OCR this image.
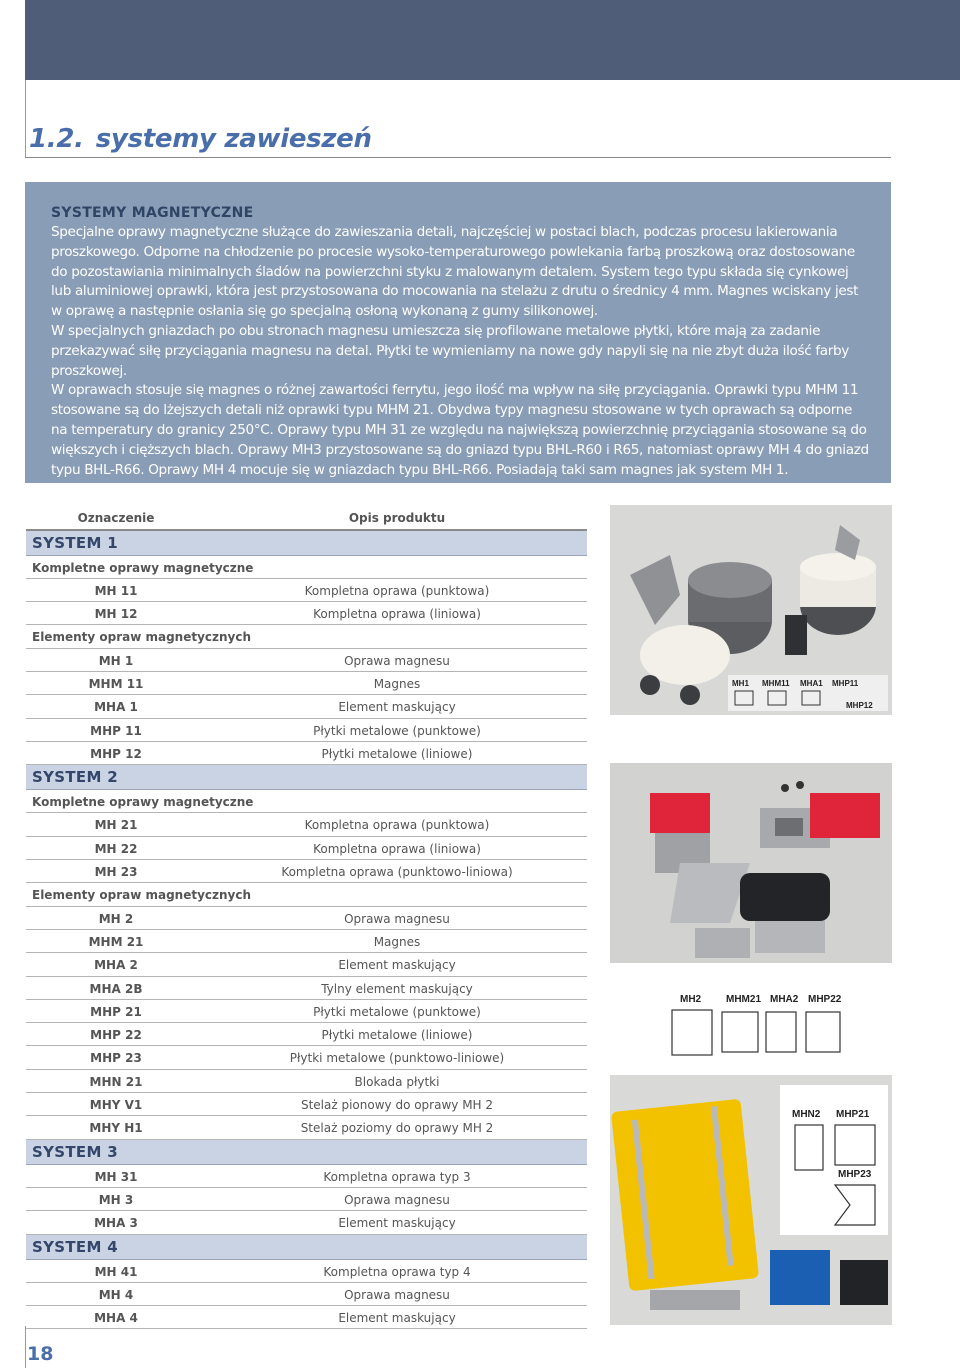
1.2. systemy zawieszeń
SYSTEMY MAGNETYCZNE

Specjalne oprawy magnetyczne służące do zawieszania detali, najczęściej w postaci blach, podczas procesu lakierowania proszkowego. Odporne na chłodzenie po procesie wysoko-temperaturowego powlekania farbą proszkową oraz dostosowane do pozostawiania minimalnych śladów na powierzchni styku z malowanym detalem. System tego typu składa się cynkowej lub aluminiowej oprawki, która jest przystosowana do mocowania na stelażu z drutu o średnicy 4 mm. Magnes wciskany jest w oprawę a następnie osłania się go specjalną osłoną wykonaną z gumy silikonowej.

W specjalnych gniazdach po obu stronach magnesu umieszcza się profilowane metalowe płytki, które mają za zadanie przekazywać siłę przyciągania magnesu na detal. Płytki te wymieniamy na nowe gdy napyli się na nie zbyt duża ilość farby proszkowej.

W oprawach stosuje się magnes o różnej zawartości ferrytu, jego ilość ma wpływ na siłę przyciągania. Oprawki typu MHM 11 stosowane są do lżejszych detali niż oprawki typu MHM 21. Obydwa typy magnesu stosowane w tych oprawach są odporne na temperatury do granicy 250°C. Oprawy typu MH 31 ze względu na największą powierzchnię przyciągania stosowane są do większych i cięższych blach. Oprawy MH3 przystosowane są do gniazd typu BHL-R60 i R65, natomiast oprawy MH 4 do gniazd typu BHL-R66. Oprawy MH 4 mocuje się w gniazdach typu BHL-R66. Posiadają taki sam magnes jak system MH 1.

Oznaczenie	Opis produktu
SYSTEM 1
Kompletne oprawy magnetyczne
MH 11	Kompletna oprawa (punktowa)
MH 12	Kompletna oprawa (liniowa)
Elementy opraw magnetycznych
MH 1	Oprawa magnesu
MHM 11	Magnes
MHA 1	Element maskujący
MHP 11	Płytki metalowe (punktowe)
MHP 12	Płytki metalowe (liniowe)
SYSTEM 2
Kompletne oprawy magnetyczne
MH 21	Kompletna oprawa (punktowa)
MH 22	Kompletna oprawa (liniowa)
MH 23	Kompletna oprawa (punktowo-liniowa)
Elementy opraw magnetycznych
MH 2	Oprawa magnesu
MHM 21	Magnes
MHA 2	Element maskujący
MHA 2B	Tylny element maskujący
MHP 21	Płytki metalowe (punktowe)
MHP 22	Płytki metalowe (liniowe)
MHP 23	Płytki metalowe (punktowo-liniowe)
MHN 21	Blokada płytki
MHY V1	Stelaż pionowy do oprawy MH 2
MHY H1	Stelaż poziomy do oprawy MH 2
SYSTEM 3
MH 31	Kompletna oprawa typ 3
MH 3	Oprawa magnesu
MHA 3	Element maskujący
SYSTEM 4
MH 41	Kompletna oprawa typ 4
MH 4	Oprawa magnesu
MHA 4	Element maskujący
MH1 MHM11 MHA1 MHP11
MHP12
MH2 MHM21 MHA2 MHP22
MHN2 MHP21
MHP23
18
